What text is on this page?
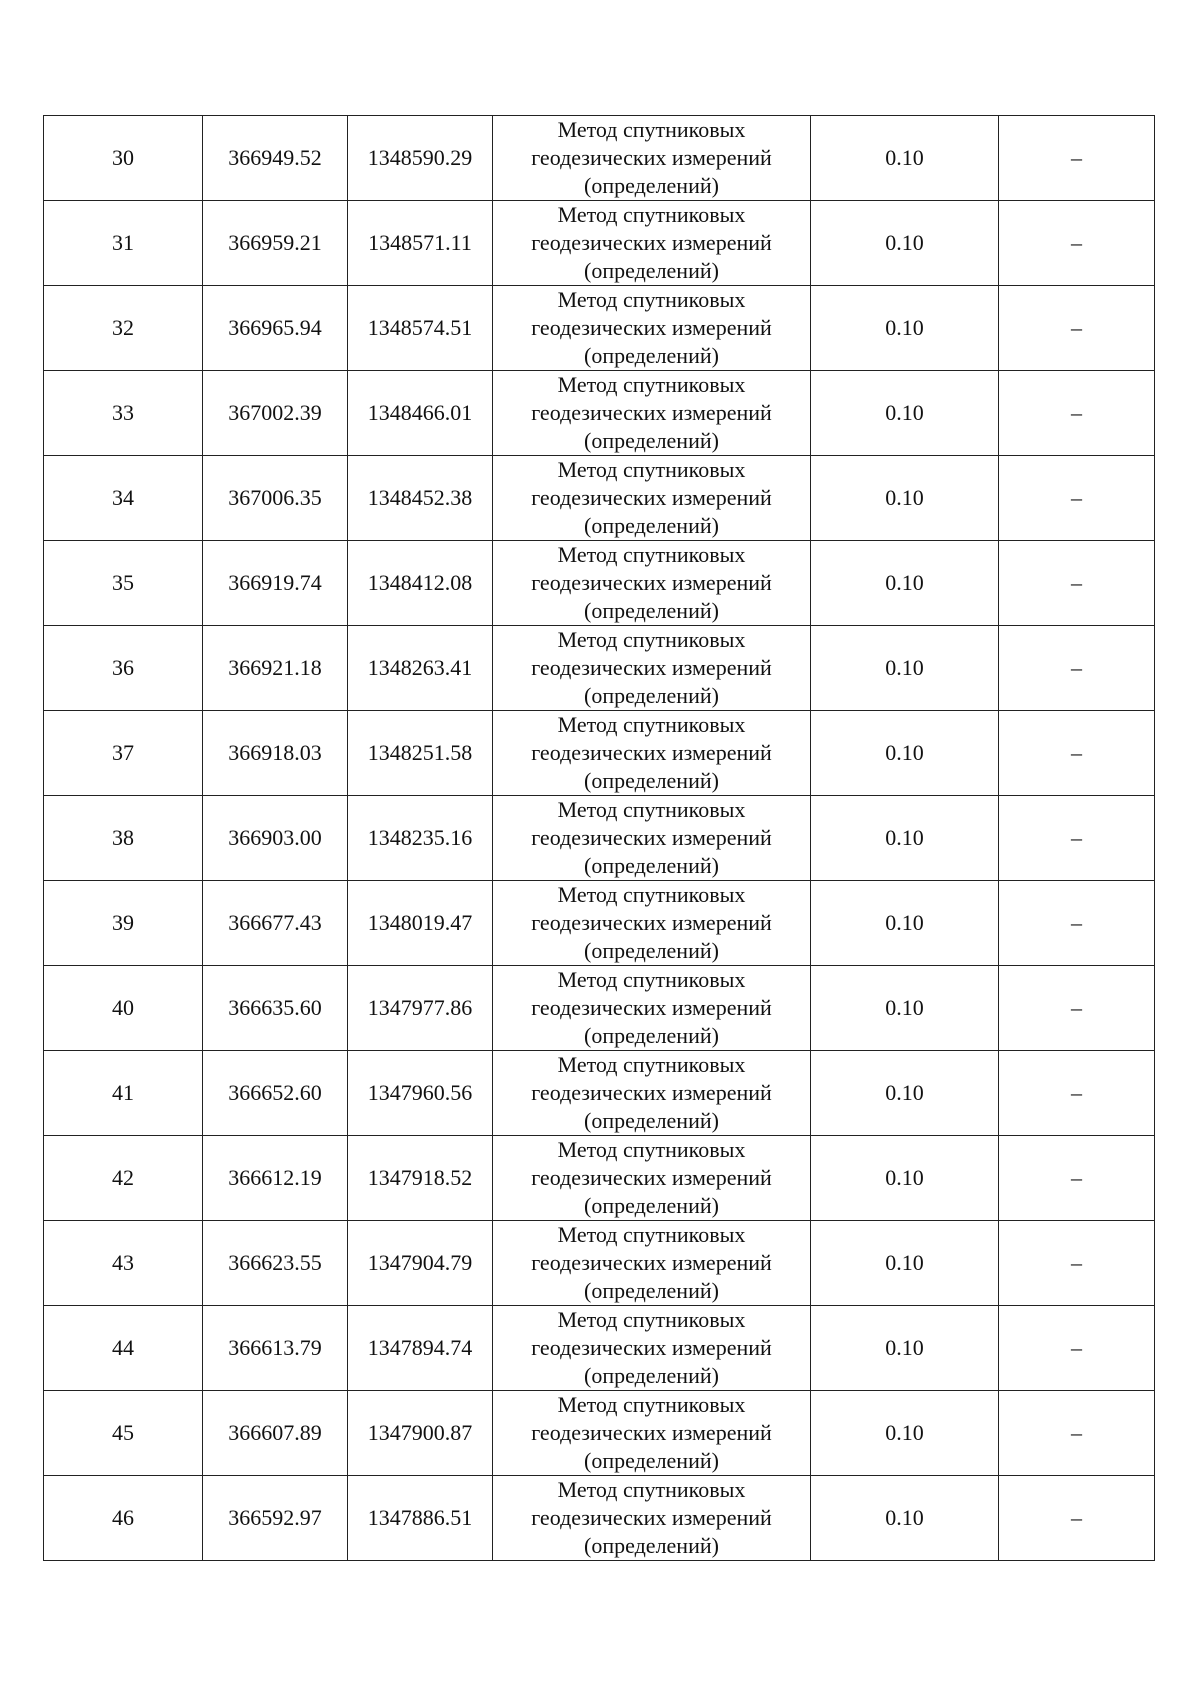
30	366949.52	1348590.29	Метод спутниковых
геодезических измерений
(определений)	0.10	–
31	366959.21	1348571.11	Метод спутниковых
геодезических измерений
(определений)	0.10	–
32	366965.94	1348574.51	Метод спутниковых
геодезических измерений
(определений)	0.10	–
33	367002.39	1348466.01	Метод спутниковых
геодезических измерений
(определений)	0.10	–
34	367006.35	1348452.38	Метод спутниковых
геодезических измерений
(определений)	0.10	–
35	366919.74	1348412.08	Метод спутниковых
геодезических измерений
(определений)	0.10	–
36	366921.18	1348263.41	Метод спутниковых
геодезических измерений
(определений)	0.10	–
37	366918.03	1348251.58	Метод спутниковых
геодезических измерений
(определений)	0.10	–
38	366903.00	1348235.16	Метод спутниковых
геодезических измерений
(определений)	0.10	–
39	366677.43	1348019.47	Метод спутниковых
геодезических измерений
(определений)	0.10	–
40	366635.60	1347977.86	Метод спутниковых
геодезических измерений
(определений)	0.10	–
41	366652.60	1347960.56	Метод спутниковых
геодезических измерений
(определений)	0.10	–
42	366612.19	1347918.52	Метод спутниковых
геодезических измерений
(определений)	0.10	–
43	366623.55	1347904.79	Метод спутниковых
геодезических измерений
(определений)	0.10	–
44	366613.79	1347894.74	Метод спутниковых
геодезических измерений
(определений)	0.10	–
45	366607.89	1347900.87	Метод спутниковых
геодезических измерений
(определений)	0.10	–
46	366592.97	1347886.51	Метод спутниковых
геодезических измерений
(определений)	0.10	–
